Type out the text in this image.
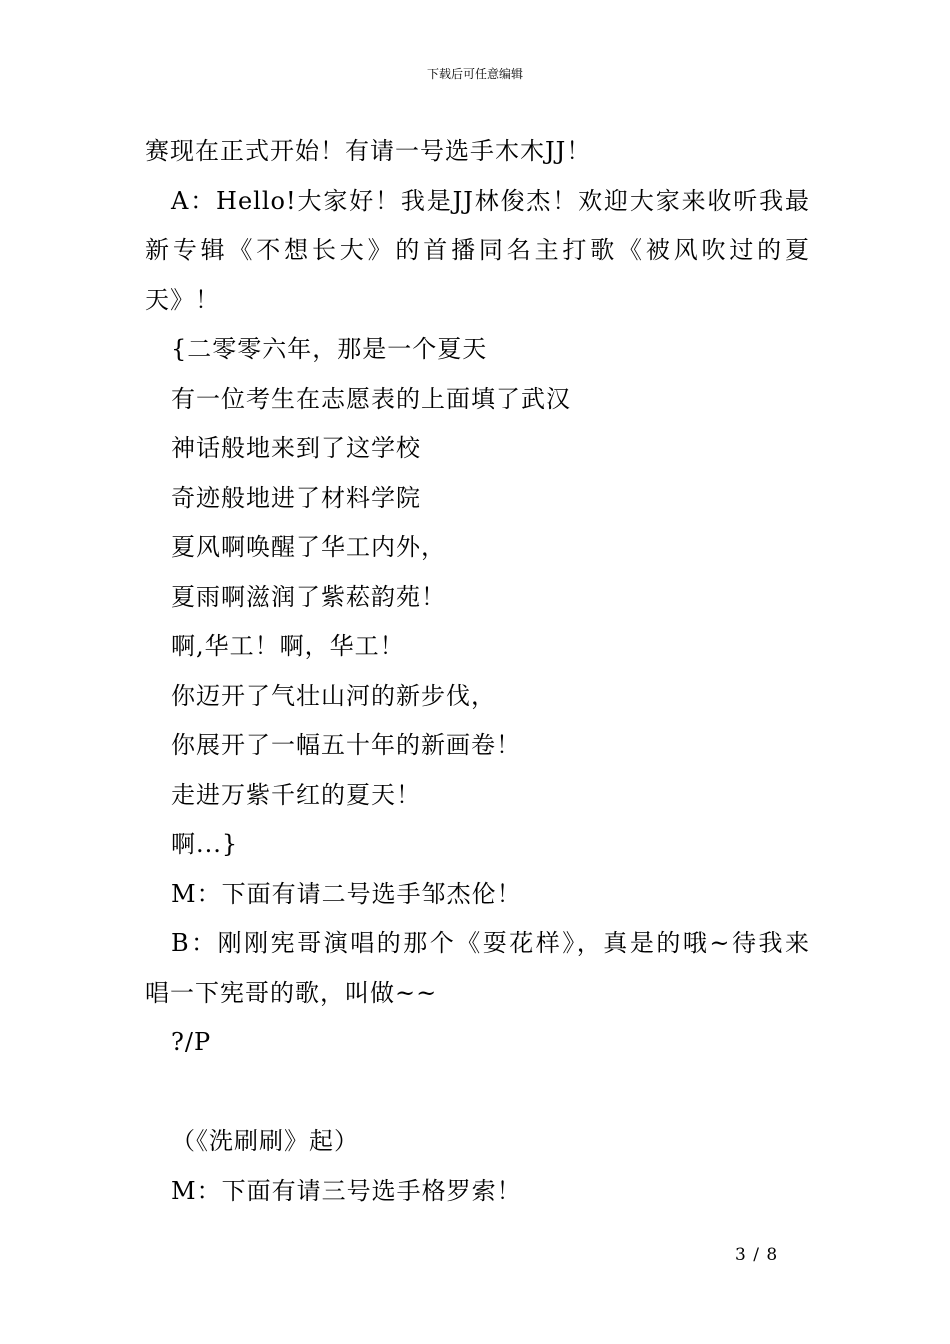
下载后可任意编辑

赛现在正式开始！有请一号选手木木JJ！

A：Hello!大家好！我是JJ林俊杰！欢迎大家来收听我最

新专辑《不想长大》的首播同名主打歌《被风吹过的夏

天》！

{二零零六年，那是一个夏天

有一位考生在志愿表的上面填了武汉

神话般地来到了这学校

奇迹般地进了材料学院

夏风啊唤醒了华工内外，

夏雨啊滋润了紫菘韵苑！

啊,华工！啊，华工！

你迈开了气壮山河的新步伐，

你展开了一幅五十年的新画卷！

走进万紫千红的夏天！

啊...}

M：下面有请二号选手邹杰伦！

B：刚刚宪哥演唱的那个《耍花样》，真是的哦~待我来

唱一下宪哥的歌，叫做~~

?/P

（《洗刷刷》起）

M：下面有请三号选手格罗索！

3 / 8
